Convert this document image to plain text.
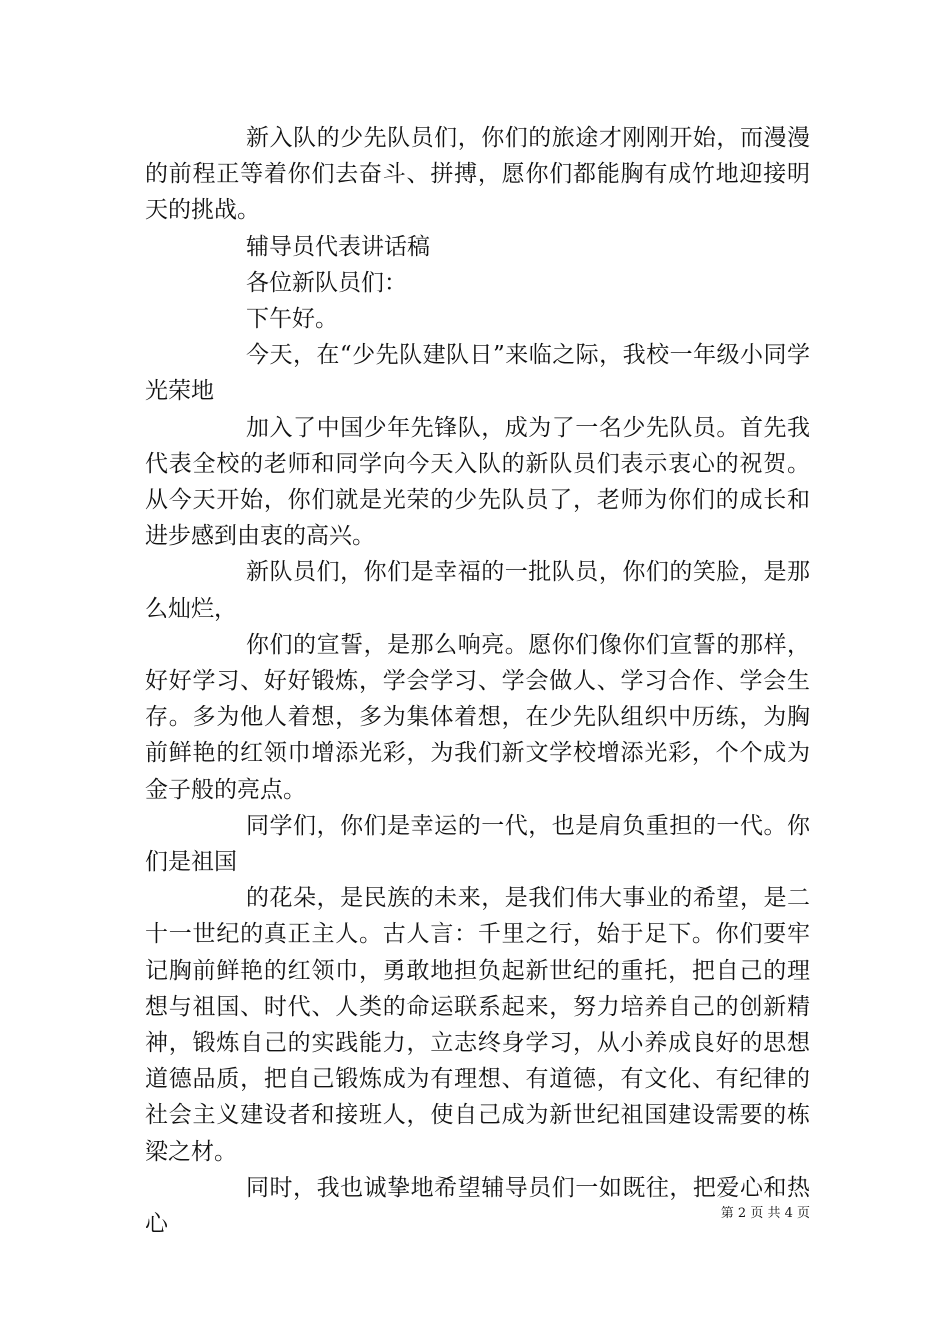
新入队的少先队员们，你们的旅途才刚刚开始，而漫漫的前程正等着你们去奋斗、拼搏，愿你们都能胸有成竹地迎接明天的挑战。

辅导员代表讲话稿

各位新队员们：

下午好。

今天，在“少先队建队日”来临之际，我校一年级小同学光荣地

加入了中国少年先锋队，成为了一名少先队员。首先我代表全校的老师和同学向今天入队的新队员们表示衷心的祝贺。从今天开始，你们就是光荣的少先队员了，老师为你们的成长和进步感到由衷的高兴。

新队员们，你们是幸福的一批队员，你们的笑脸，是那么灿烂，

你们的宣誓，是那么响亮。愿你们像你们宣誓的那样，好好学习、好好锻炼，学会学习、学会做人、学习合作、学会生存。多为他人着想，多为集体着想，在少先队组织中历练，为胸前鲜艳的红领巾增添光彩，为我们新文学校增添光彩，个个成为金子般的亮点。

同学们，你们是幸运的一代，也是肩负重担的一代。你们是祖国

的花朵，是民族的未来，是我们伟大事业的希望，是二十一世纪的真正主人。古人言：千里之行，始于足下。你们要牢记胸前鲜艳的红领巾，勇敢地担负起新世纪的重托，把自己的理想与祖国、时代、人类的命运联系起来，努力培养自己的创新精神，锻炼自己的实践能力，立志终身学习，从小养成良好的思想道德品质，把自己锻炼成为有理想、有道德，有文化、有纪律的社会主义建设者和接班人，使自己成为新世纪祖国建设需要的栋梁之材。

同时，我也诚挚地希望辅导员们一如既往，把爱心和热心	第 2 页 共 4 页
